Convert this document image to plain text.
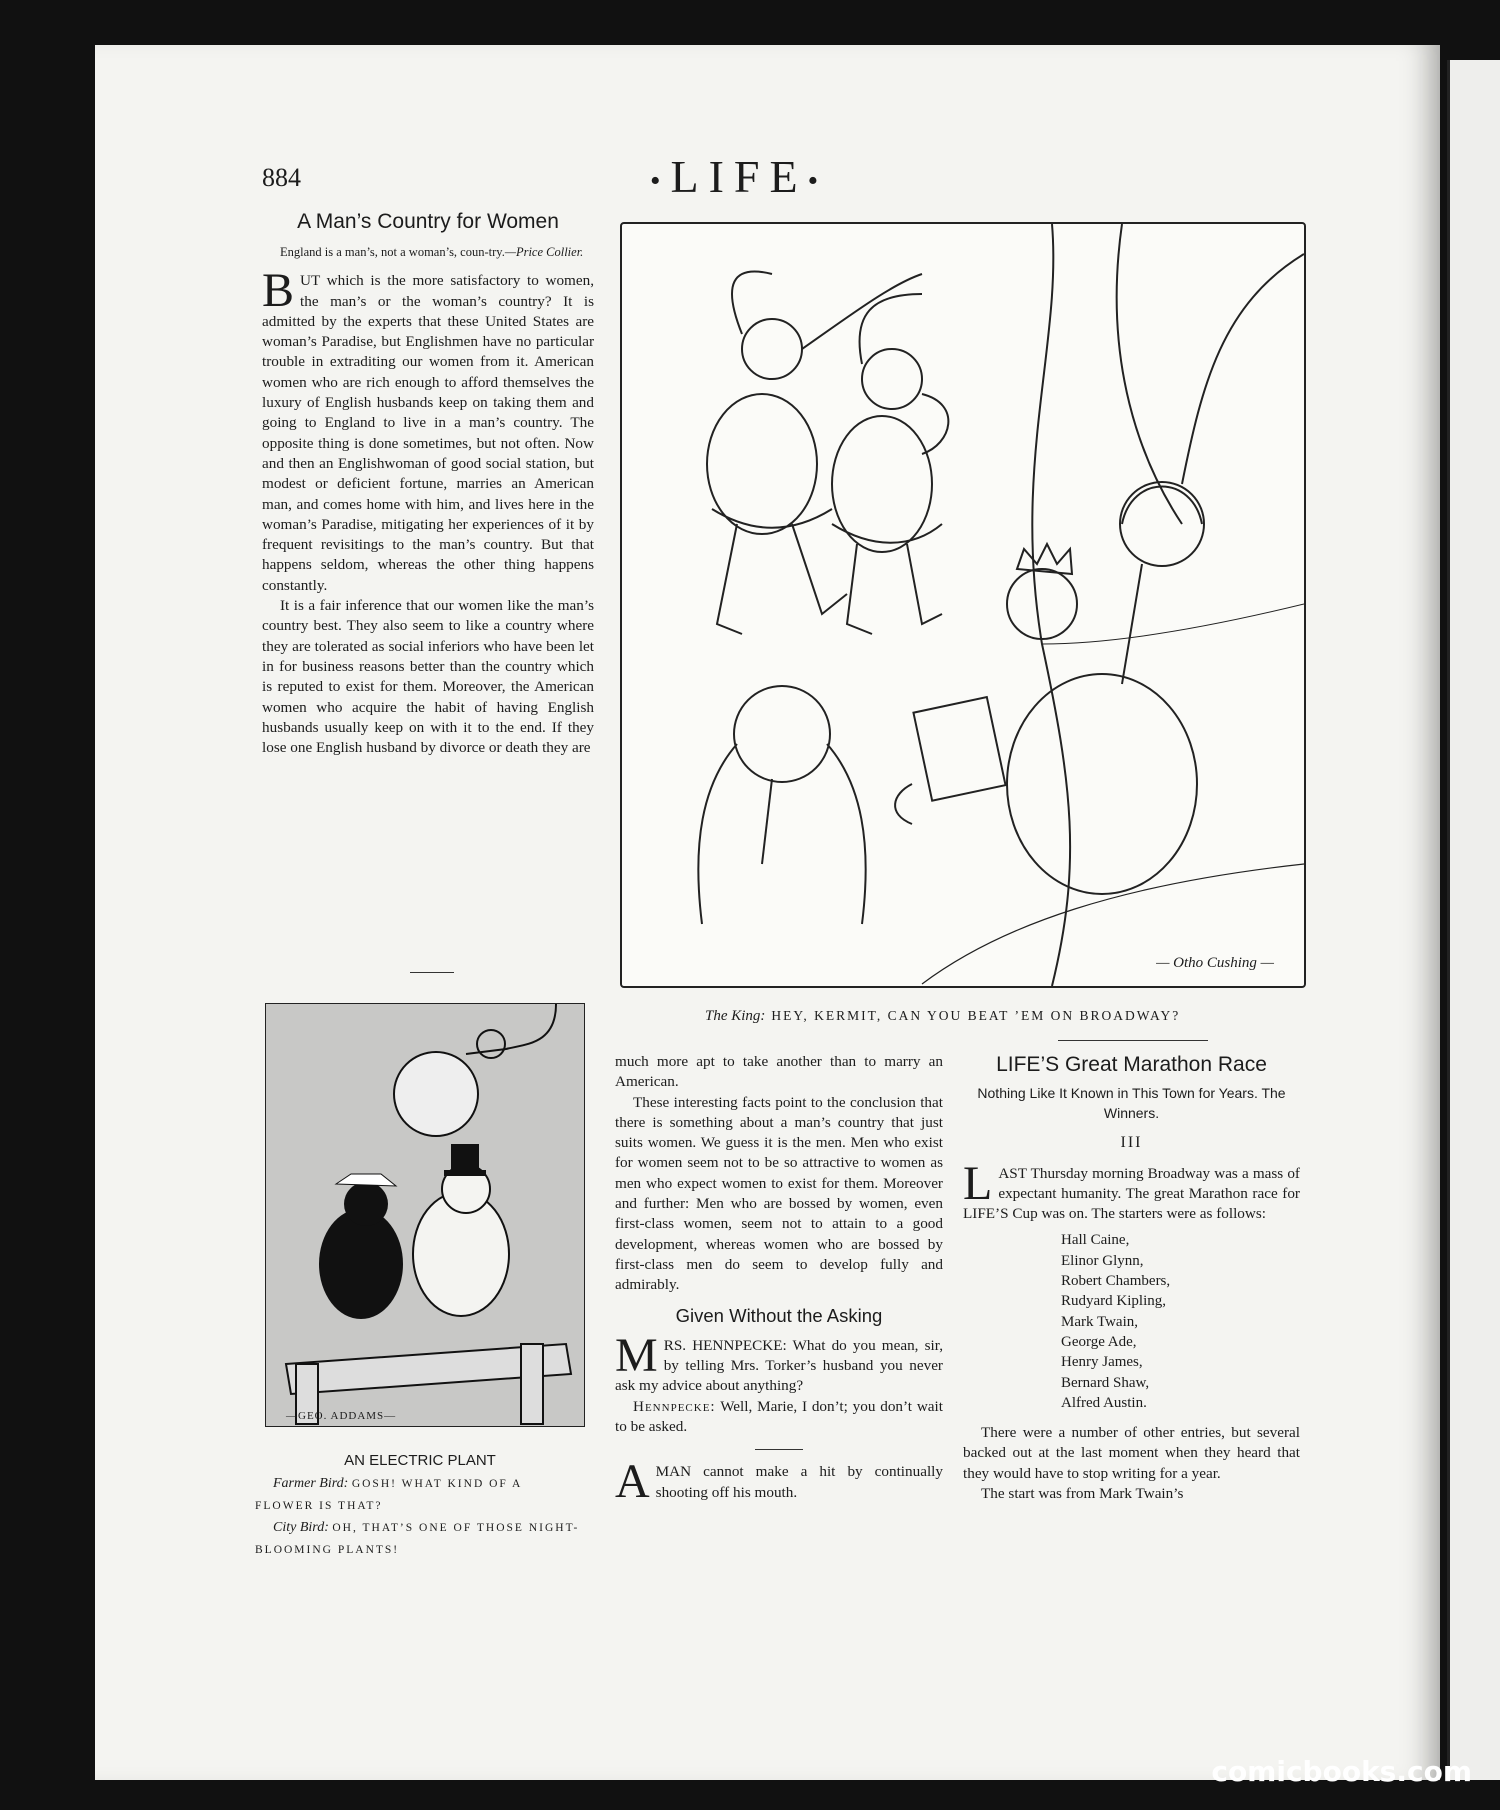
884	•LIFE•
A Man’s Country for Women
England is a man’s, not a woman’s, coun-try.—Price Collier.

BUT which is the more satisfactory to women, the man’s or the woman’s country? It is admitted by the experts that these United States are woman’s Paradise, but Englishmen have no particular trouble in extraditing our women from it. American women who are rich enough to afford themselves the luxury of English husbands keep on taking them and going to England to live in a man’s country. The opposite thing is done sometimes, but not often. Now and then an Englishwoman of good social station, but modest or deficient fortune, marries an American man, and comes home with him, and lives here in the woman’s Paradise, mitigating her experiences of it by frequent revisitings to the man’s country. But that happens seldom, whereas the other thing happens constantly.

It is a fair inference that our women like the man’s country best. They also seem to like a country where they are tolerated as social inferiors who have been let in for business reasons better than the country which is reputed to exist for them. Moreover, the American women who acquire the habit of having English husbands usually keep on with it to the end. If they lose one English husband by divorce or death they are

— Otho Cushing —
The King: HEY, KERMIT, CAN YOU BEAT ’EM ON BROADWAY?
—GEO. ADDAMS—
AN ELECTRIC PLANT

Farmer Bird: GOSH! WHAT KIND OF A FLOWER IS THAT?

City Bird: OH, THAT’S ONE OF THOSE NIGHT-BLOOMING PLANTS!

much more apt to take another than to marry an American.

These interesting facts point to the conclusion that there is something about a man’s country that just suits women. We guess it is the men. Men who exist for women seem not to be so attractive to women as men who expect women to exist for them. Moreover and further: Men who are bossed by women, even first-class women, seem not to attain to a good development, whereas women who are bossed by first-class men do seem to develop fully and admirably.

Given Without the Asking

MRS. HENNPECKE: What do you mean, sir, by telling Mrs. Torker’s husband you never ask my advice about anything?

Hennpecke: Well, Marie, I don’t; you don’t wait to be asked.

AMAN cannot make a hit by continually shooting off his mouth.

LIFE’S Great Marathon Race
Nothing Like It Known in This Town for Years. The Winners.
III

LAST Thursday morning Broadway was a mass of expectant humanity. The great Marathon race for LIFE’S Cup was on. The starters were as follows:

Hall Caine,
Elinor Glynn,
Robert Chambers,
Rudyard Kipling,
Mark Twain,
George Ade,
Henry James,
Bernard Shaw,
Alfred Austin.

There were a number of other entries, but several backed out at the last moment when they heard that they would have to stop writing for a year.

The start was from Mark Twain’s

comicbooks.com
